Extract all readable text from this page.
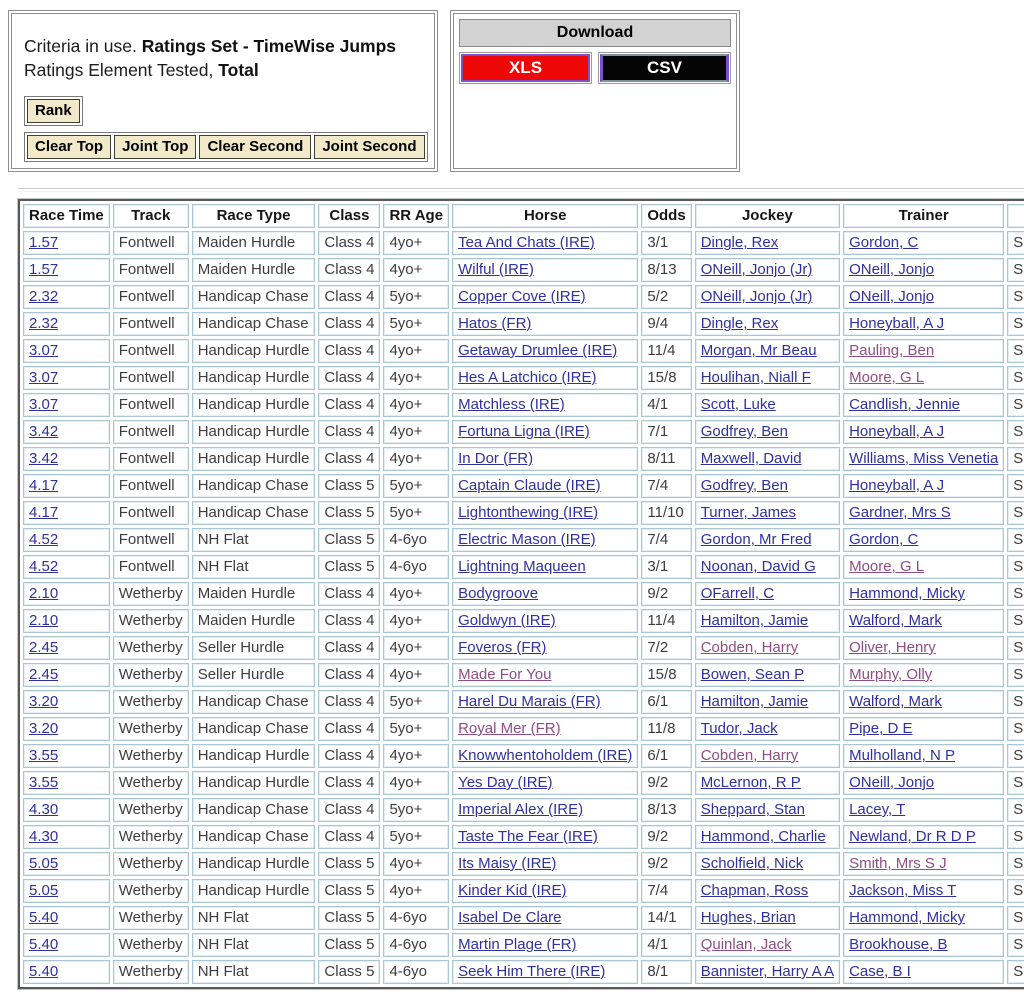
Criteria in use. Ratings Set - TimeWise Jumps
Ratings Element Tested, Total
Rank
Clear Top	Joint Top	Clear Second	Joint Second
Download
XLS	CSV
Race Time	Track	Race Type	Class	RR Age	Horse	Odds	Jockey	Trainer	
1.57	Fontwell	Maiden Hurdle	Class 4	4yo+	Tea And Chats (IRE)	3/1	Dingle, Rex	Gordon, C	S
1.57	Fontwell	Maiden Hurdle	Class 4	4yo+	Wilful (IRE)	8/13	ONeill, Jonjo (Jr)	ONeill, Jonjo	S
2.32	Fontwell	Handicap Chase	Class 4	5yo+	Copper Cove (IRE)	5/2	ONeill, Jonjo (Jr)	ONeill, Jonjo	S
2.32	Fontwell	Handicap Chase	Class 4	5yo+	Hatos (FR)	9/4	Dingle, Rex	Honeyball, A J	S
3.07	Fontwell	Handicap Hurdle	Class 4	4yo+	Getaway Drumlee (IRE)	11/4	Morgan, Mr Beau	Pauling, Ben	S
3.07	Fontwell	Handicap Hurdle	Class 4	4yo+	Hes A Latchico (IRE)	15/8	Houlihan, Niall F	Moore, G L	S
3.07	Fontwell	Handicap Hurdle	Class 4	4yo+	Matchless (IRE)	4/1	Scott, Luke	Candlish, Jennie	S
3.42	Fontwell	Handicap Hurdle	Class 4	4yo+	Fortuna Ligna (IRE)	7/1	Godfrey, Ben	Honeyball, A J	S
3.42	Fontwell	Handicap Hurdle	Class 4	4yo+	In Dor (FR)	8/11	Maxwell, David	Williams, Miss Venetia	S
4.17	Fontwell	Handicap Chase	Class 5	5yo+	Captain Claude (IRE)	7/4	Godfrey, Ben	Honeyball, A J	S
4.17	Fontwell	Handicap Chase	Class 5	5yo+	Lightonthewing (IRE)	11/10	Turner, James	Gardner, Mrs S	S
4.52	Fontwell	NH Flat	Class 5	4-6yo	Electric Mason (IRE)	7/4	Gordon, Mr Fred	Gordon, C	S
4.52	Fontwell	NH Flat	Class 5	4-6yo	Lightning Maqueen	3/1	Noonan, David G	Moore, G L	S
2.10	Wetherby	Maiden Hurdle	Class 4	4yo+	Bodygroove	9/2	OFarrell, C	Hammond, Micky	S
2.10	Wetherby	Maiden Hurdle	Class 4	4yo+	Goldwyn (IRE)	11/4	Hamilton, Jamie	Walford, Mark	S
2.45	Wetherby	Seller Hurdle	Class 4	4yo+	Foveros (FR)	7/2	Cobden, Harry	Oliver, Henry	S
2.45	Wetherby	Seller Hurdle	Class 4	4yo+	Made For You	15/8	Bowen, Sean P	Murphy, Olly	S
3.20	Wetherby	Handicap Chase	Class 4	5yo+	Harel Du Marais (FR)	6/1	Hamilton, Jamie	Walford, Mark	S
3.20	Wetherby	Handicap Chase	Class 4	5yo+	Royal Mer (FR)	11/8	Tudor, Jack	Pipe, D E	S
3.55	Wetherby	Handicap Hurdle	Class 4	4yo+	Knowwhentoholdem (IRE)	6/1	Cobden, Harry	Mulholland, N P	S
3.55	Wetherby	Handicap Hurdle	Class 4	4yo+	Yes Day (IRE)	9/2	McLernon, R P	ONeill, Jonjo	S
4.30	Wetherby	Handicap Chase	Class 4	5yo+	Imperial Alex (IRE)	8/13	Sheppard, Stan	Lacey, T	S
4.30	Wetherby	Handicap Chase	Class 4	5yo+	Taste The Fear (IRE)	9/2	Hammond, Charlie	Newland, Dr R D P	S
5.05	Wetherby	Handicap Hurdle	Class 5	4yo+	Its Maisy (IRE)	9/2	Scholfield, Nick	Smith, Mrs S J	S
5.05	Wetherby	Handicap Hurdle	Class 5	4yo+	Kinder Kid (IRE)	7/4	Chapman, Ross	Jackson, Miss T	S
5.40	Wetherby	NH Flat	Class 5	4-6yo	Isabel De Clare	14/1	Hughes, Brian	Hammond, Micky	S
5.40	Wetherby	NH Flat	Class 5	4-6yo	Martin Plage (FR)	4/1	Quinlan, Jack	Brookhouse, B	S
5.40	Wetherby	NH Flat	Class 5	4-6yo	Seek Him There (IRE)	8/1	Bannister, Harry A A	Case, B I	S
